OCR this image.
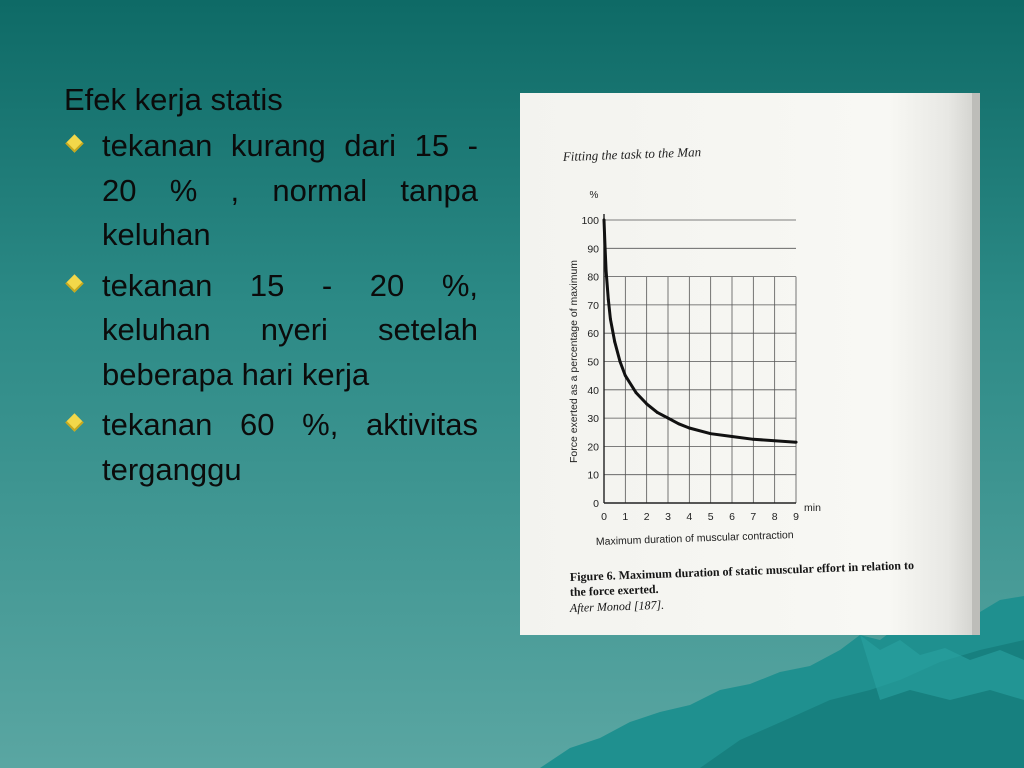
Efek kerja statis
tekanan kurang dari 15 - 20 % , normal tanpa keluhan
tekanan 15 - 20 %, keluhan nyeri setelah beberapa hari kerja
tekanan 60 %, aktivitas terganggu
Fitting the task to the Man
0
10
20
30
40
50
60
70
80
90
100
0 1 2 3 4 5 6 7 8 9
%
min
Force exerted as a percentage of maximum
Maximum duration of muscular contraction
Figure 6. Maximum duration of static muscular effort in relation to
the force exerted.
After Monod [187].
